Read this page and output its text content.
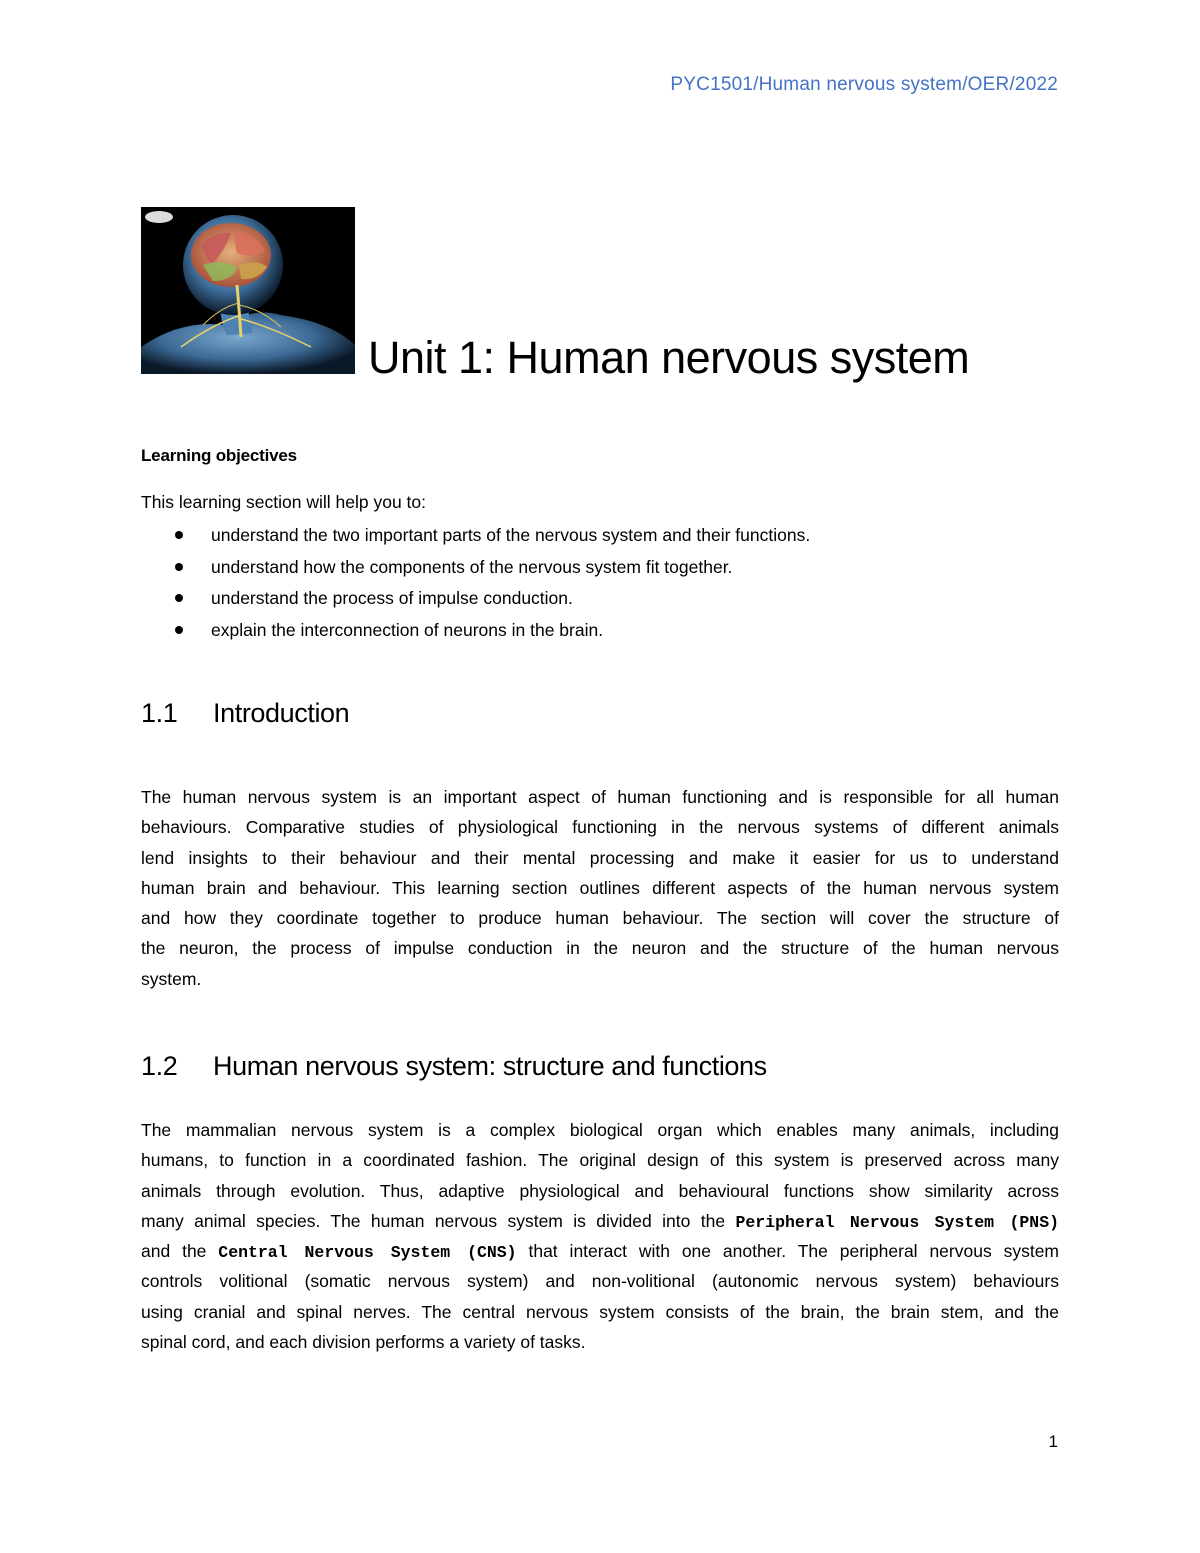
PYC1501/Human nervous system/OER/2022
Unit 1: Human nervous system
Learning objectives
This learning section will help you to:
understand the two important parts of the nervous system and their functions.
understand how the components of the nervous system fit together.
understand the process of impulse conduction.
explain the interconnection of neurons in the brain.
1.1 Introduction
The human nervous system is an important aspect of human functioning and is responsible for all human
behaviours. Comparative studies of physiological functioning in the nervous systems of different animals
lend insights to their behaviour and their mental processing and make it easier for us to understand
human brain and behaviour. This learning section outlines different aspects of the human nervous system
and how they coordinate together to produce human behaviour. The section will cover the structure of
the neuron, the process of impulse conduction in the neuron and the structure of the human nervous
system.
1.2 Human nervous system: structure and functions
The mammalian nervous system is a complex biological organ which enables many animals, including
humans, to function in a coordinated fashion. The original design of this system is preserved across many
animals through evolution. Thus, adaptive physiological and behavioural functions show similarity across
many animal species. The human nervous system is divided into the Peripheral Nervous System (PNS)
and the Central Nervous System (CNS) that interact with one another. The peripheral nervous system
controls volitional (somatic nervous system) and non-volitional (autonomic nervous system) behaviours
using cranial and spinal nerves. The central nervous system consists of the brain, the brain stem, and the
spinal cord, and each division performs a variety of tasks.
1
